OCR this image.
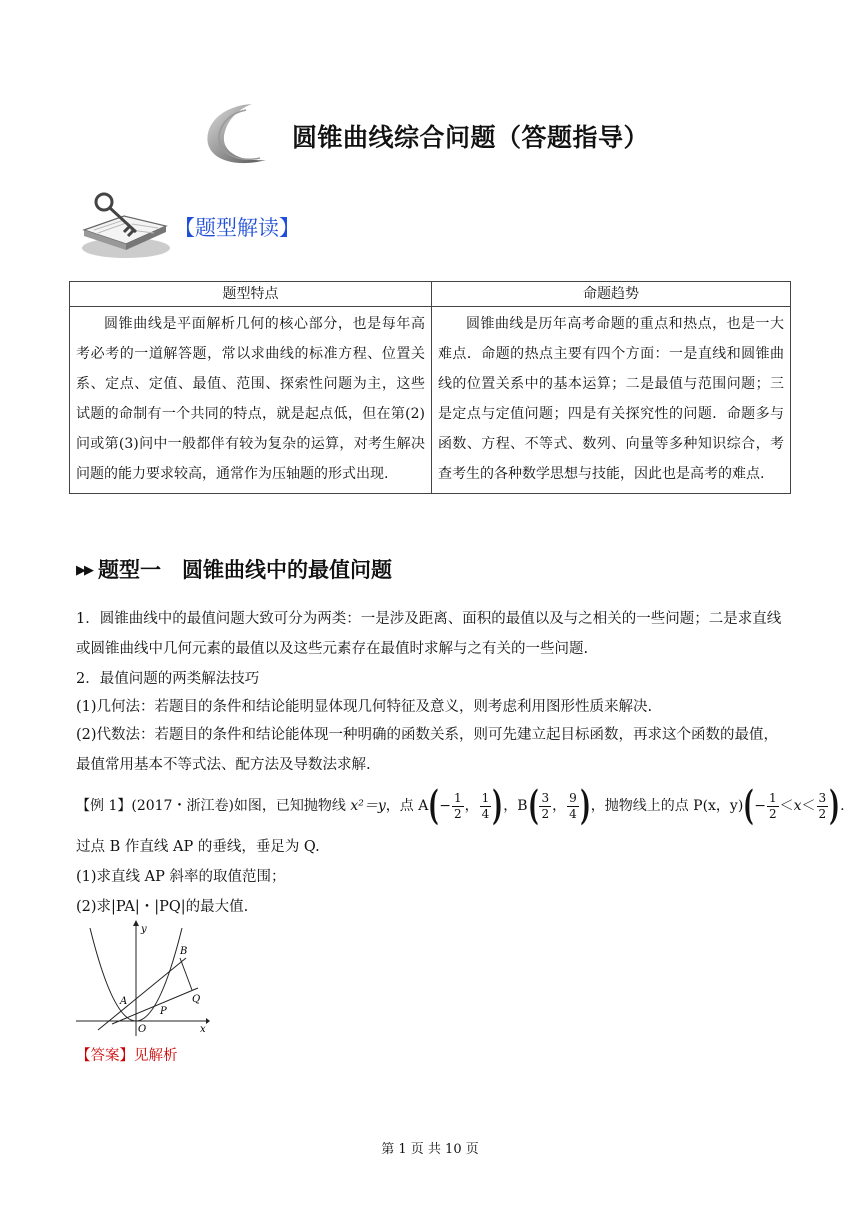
圆锥曲线综合问题（答题指导）
【题型解读】
题型特点	命题趋势
圆锥曲线是平面解析几何的核心部分，也是每年高考必考的一道解答题，常以求曲线的标准方程、位置关系、定点、定值、最值、范围、探索性问题为主，这些试题的命制有一个共同的特点，就是起点低，但在第(2)问或第(3)问中一般都伴有较为复杂的运算，对考生解决问题的能力要求较高，通常作为压轴题的形式出现.	圆锥曲线是历年高考命题的重点和热点，也是一大难点．命题的热点主要有四个方面：一是直线和圆锥曲线的位置关系中的基本运算；二是最值与范围问题；三是定点与定值问题；四是有关探究性的问题．命题多与函数、方程、不等式、数列、向量等多种知识综合，考查考生的各种数学思想与技能，因此也是高考的难点.
▶▶ 题型一　圆锥曲线中的最值问题
1．圆锥曲线中的最值问题大致可分为两类：一是涉及距离、面积的最值以及与之相关的一些问题；二是求直线或圆锥曲线中几何元素的最值以及这些元素存在最值时求解与之有关的一些问题.
2．最值问题的两类解法技巧
(1)几何法：若题目的条件和结论能明显体现几何特征及意义，则考虑利用图形性质来解决.
(2)代数法：若题目的条件和结论能体现一种明确的函数关系，则可先建立起目标函数，再求这个函数的最值，最值常用基本不等式法、配方法及导数法求解.
【例 1】(2017・浙江卷)如图，已知抛物线 x²＝y，点 $A(- \frac{1}{2}$ ， $\frac{1}{4}$ )，$B( \frac{3}{2}$ ， $\frac{9}{4}$ )，抛物线上的点 P(x，$y)(- \frac{1}{2} <x< \frac{3}{2}$ ).
过点 B 作直线 AP 的垂线，垂足为 Q.
(1)求直线 AP 斜率的取值范围；
(2)求|PA|・|PQ|的最大值.
y
x
O
A
B
P
Q
【答案】见解析
第 1 页 共 10 页
